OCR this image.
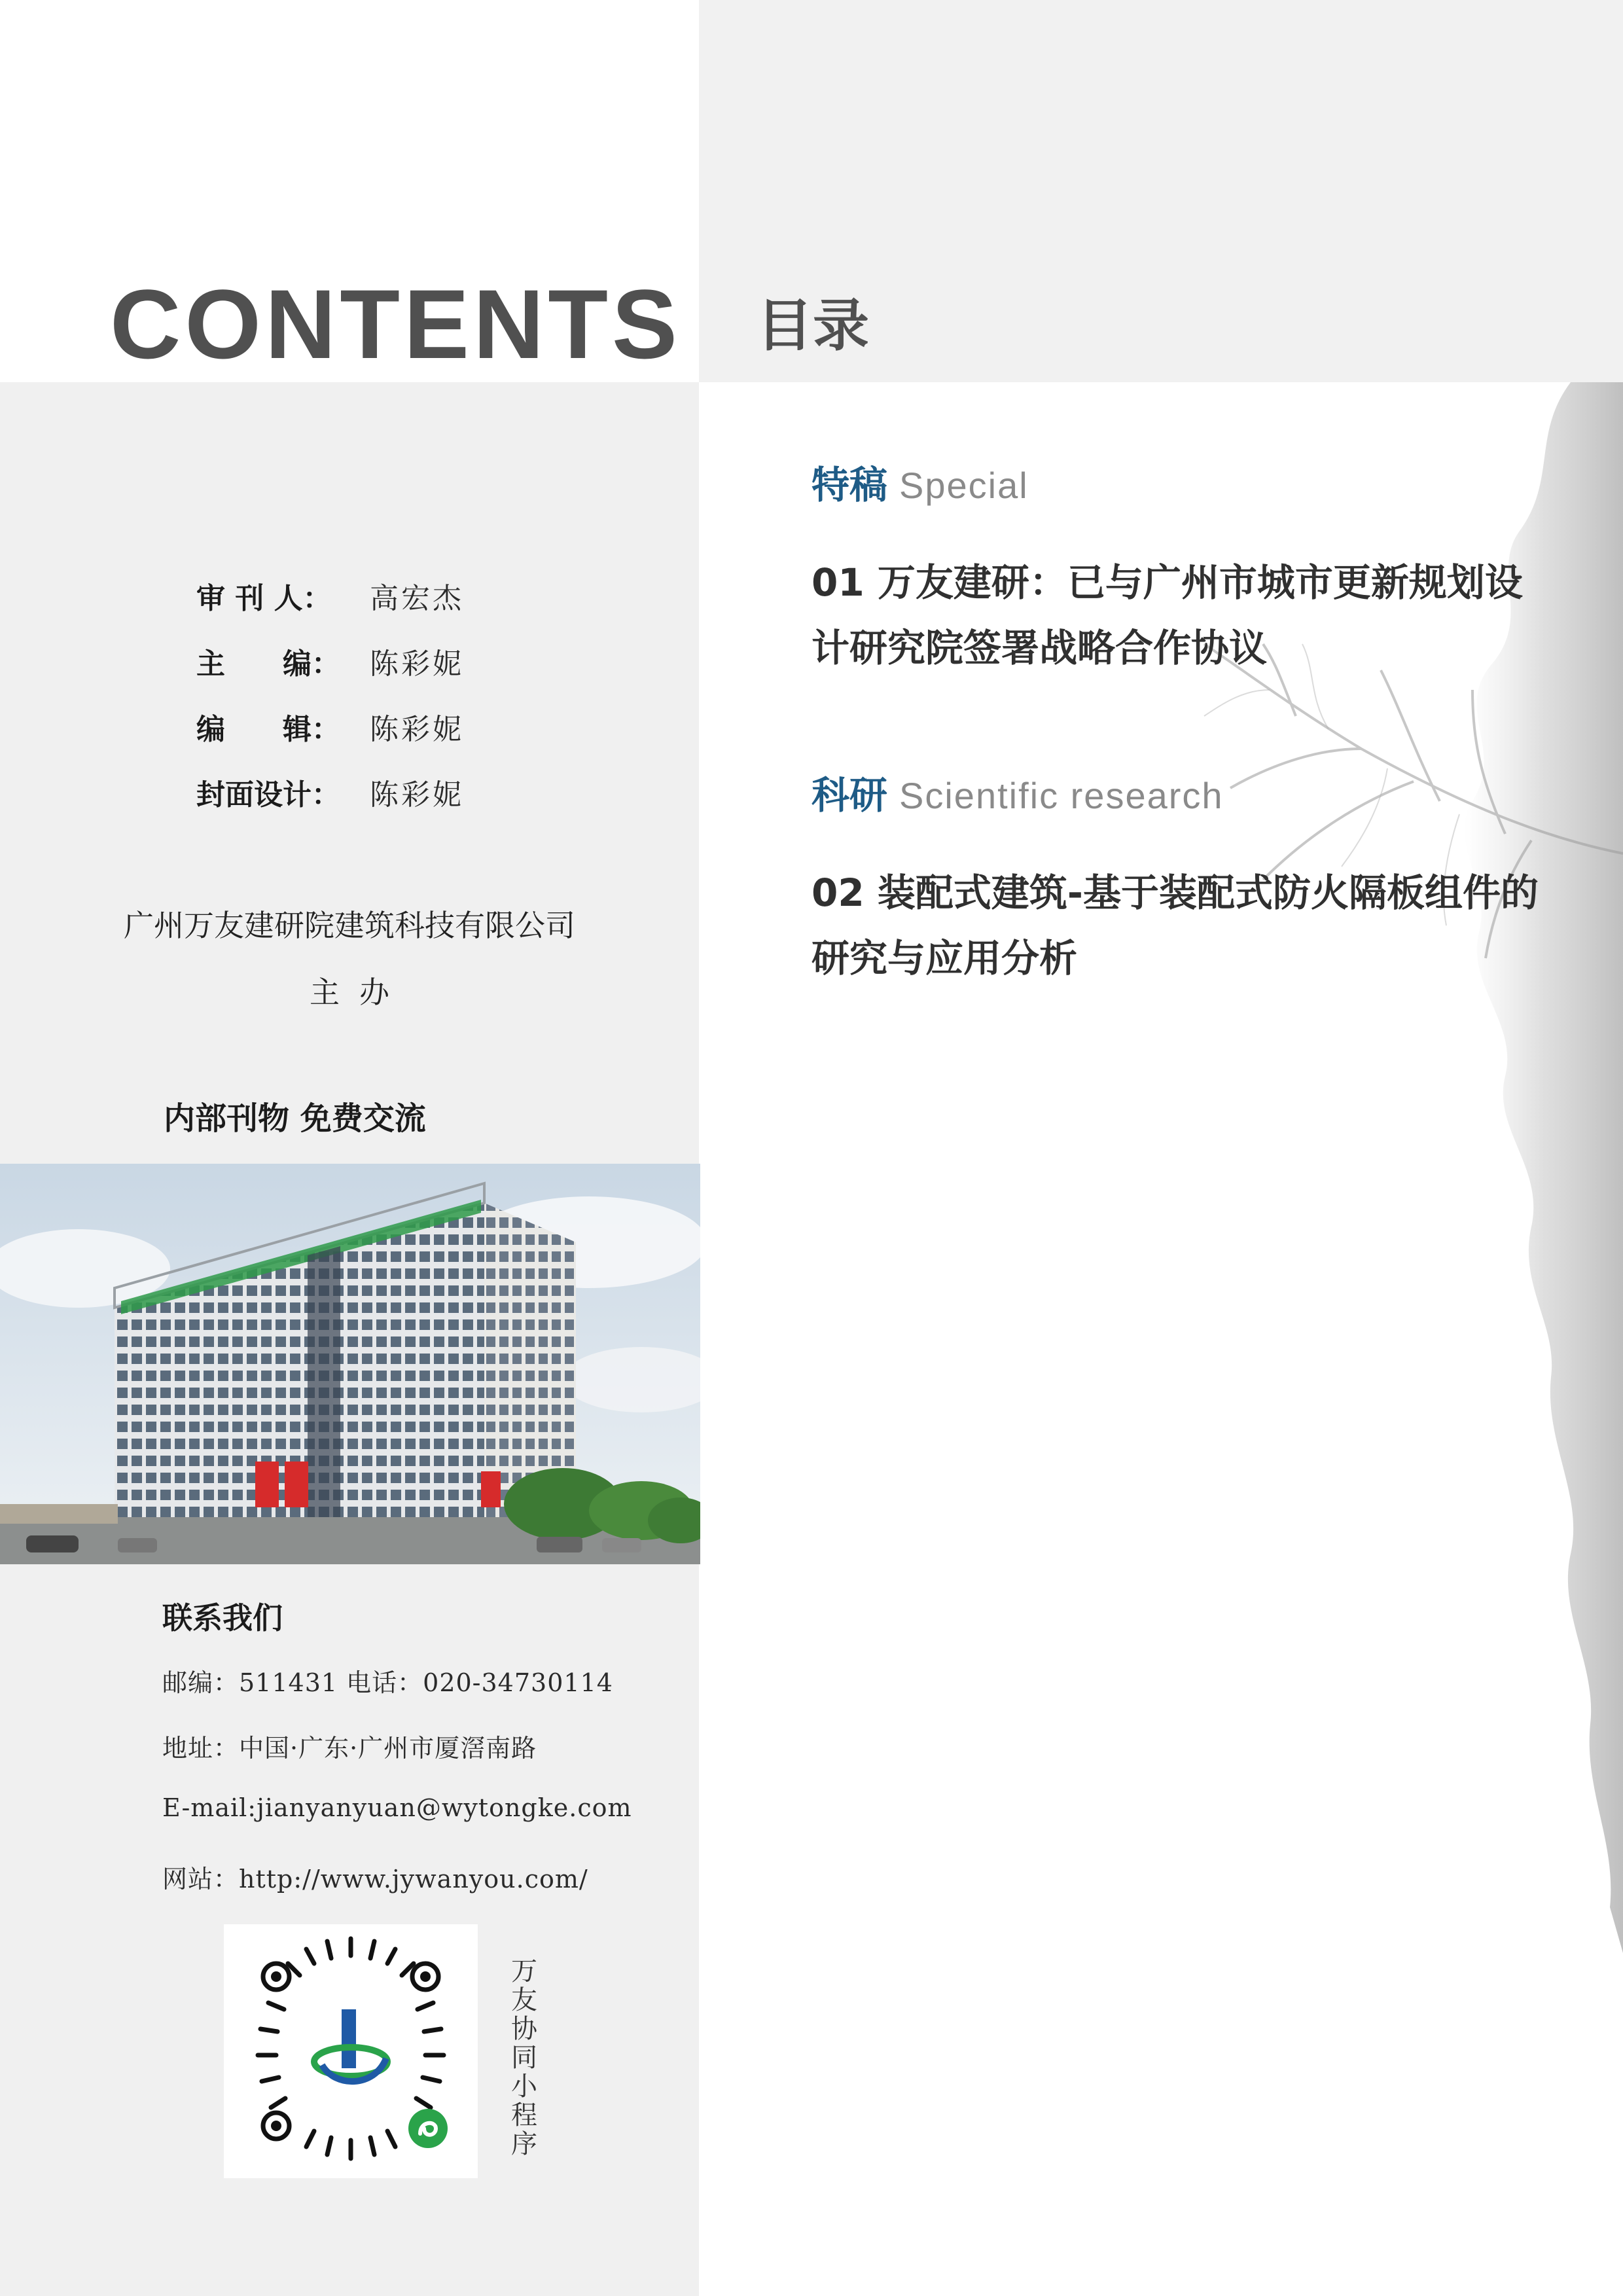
CONTENTS 目录
审 刊 人： 高宏杰
主　　编： 陈彩妮
编　　辑： 陈彩妮
封面设计： 陈彩妮
广州万友建研院建筑科技有限公司
主办
内部刊物 免费交流
联系我们
邮编：511431 电话：020-34730114
地址：中国·广东·广州市厦滘南路
E-mail:jianyanyuan@wytongke.com
网站：http://www.jywanyou.com/
万友协同小程序
特稿 Special
01 万友建研：已与广州市城市更新规划设计研究院签署战略合作协议
科研 Scientific research
02 装配式建筑-基于装配式防火隔板组件的研究与应用分析
